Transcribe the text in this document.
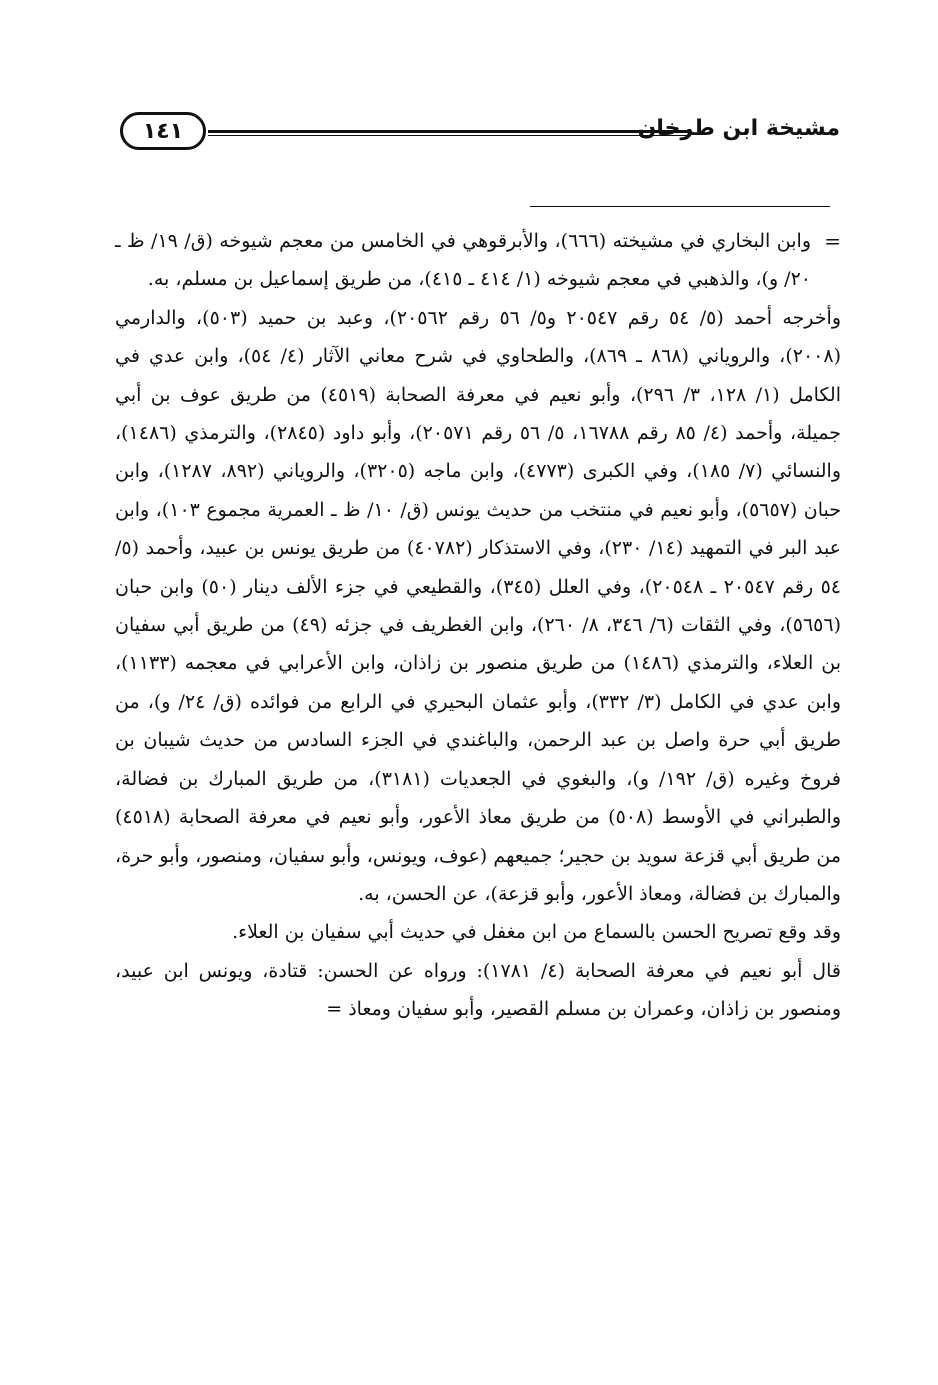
مشيخة ابن طرخان
١٤١

=
وابن البخاري في مشيخته (٦٦٦)، والأبرقوهي في الخامس من معجم شيوخه (ق/ ١٩/ ظ ـ ٢٠/ و)، والذهبي في معجم شيوخه (١/ ٤١٤ ـ ٤١٥)، من طريق إسماعيل بن مسلم، به.

وأخرجه أحمد (٥/ ٥٤ رقم ٢٠٥٤٧ و٥/ ٥٦ رقم ٢٠٥٦٢)، وعبد بن حميد (٥٠٣)، والدارمي (٢٠٠٨)، والروياني (٨٦٨ ـ ٨٦٩)، والطحاوي في شرح معاني الآثار (٤/ ٥٤)، وابن عدي في الكامل (١/ ١٢٨، ٣/ ٢٩٦)، وأبو نعيم في معرفة الصحابة (٤٥١٩) من طريق عوف بن أبي جميلة، وأحمد (٤/ ٨٥ رقم ١٦٧٨٨، ٥/ ٥٦ رقم ٢٠٥٧١)، وأبو داود (٢٨٤٥)، والترمذي (١٤٨٦)، والنسائي (٧/ ١٨٥)، وفي الكبرى (٤٧٧٣)، وابن ماجه (٣٢٠٥)، والروياني (٨٩٢، ١٢٨٧)، وابن حبان (٥٦٥٧)، وأبو نعيم في منتخب من حديث يونس (ق/ ١٠/ ظ ـ العمرية مجموع ١٠٣)، وابن عبد البر في التمهيد (١٤/ ٢٣٠)، وفي الاستذكار (٤٠٧٨٢) من طريق يونس بن عبيد، وأحمد (٥/ ٥٤ رقم ٢٠٥٤٧ ـ ٢٠٥٤٨)، وفي العلل (٣٤٥)، والقطيعي في جزء الألف دينار (٥٠) وابن حبان (٥٦٥٦)، وفي الثقات (٦/ ٣٤٦، ٨/ ٢٦٠)، وابن الغطريف في جزئه (٤٩) من طريق أبي سفيان بن العلاء، والترمذي (١٤٨٦) من طريق منصور بن زاذان، وابن الأعرابي في معجمه (١١٣٣)، وابن عدي في الكامل (٣/ ٣٣٢)، وأبو عثمان البحيري في الرابع من فوائده (ق/ ٢٤/ و)، من طريق أبي حرة واصل بن عبد الرحمن، والباغندي في الجزء السادس من حديث شيبان بن فروخ وغيره (ق/ ١٩٢/ و)، والبغوي في الجعديات (٣١٨١)، من طريق المبارك بن فضالة، والطبراني في الأوسط (٥٠٨) من طريق معاذ الأعور، وأبو نعيم في معرفة الصحابة (٤٥١٨) من طريق أبي قزعة سويد بن حجير؛ جميعهم (عوف، ويونس، وأبو سفيان، ومنصور، وأبو حرة، والمبارك بن فضالة، ومعاذ الأعور، وأبو قزعة)، عن الحسن، به.

وقد وقع تصريح الحسن بالسماع من ابن مغفل في حديث أبي سفيان بن العلاء.

قال أبو نعيم في معرفة الصحابة (٤/ ١٧٨١): ورواه عن الحسن: قتادة، ويونس ابن عبيد، ومنصور بن زاذان، وعمران بن مسلم القصير، وأبو سفيان ومعاذ =
